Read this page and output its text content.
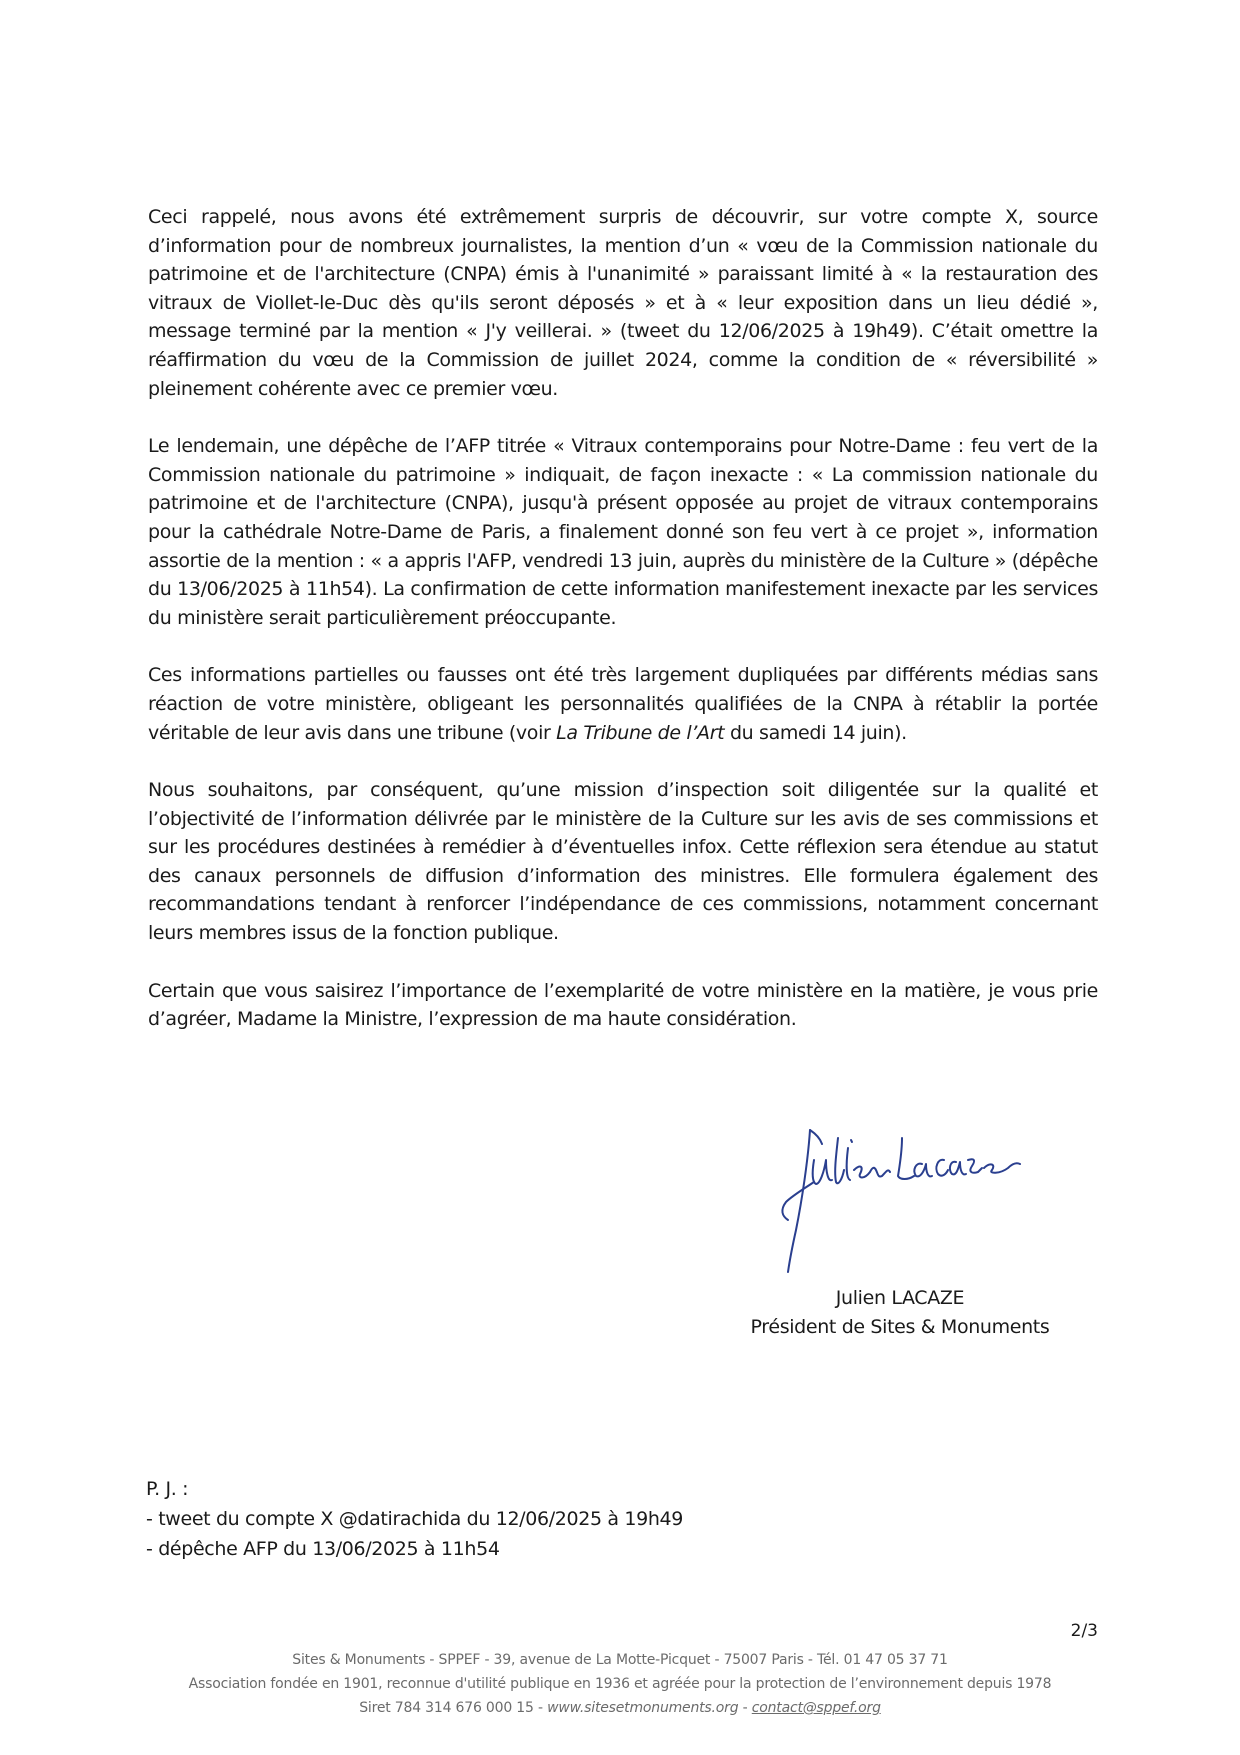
Ceci rappelé, nous avons été extrêmement surpris de découvrir, sur votre compte X, source d’information pour de nombreux journalistes, la mention d’un « vœu de la Commission nationale du patrimoine et de l'architecture (CNPA) émis à l'unanimité » paraissant limité à « la restauration des vitraux de Viollet-le-Duc dès qu'ils seront déposés » et à « leur exposition dans un lieu dédié », message terminé par la mention « J'y veillerai. » (tweet du 12/06/2025 à 19h49). C’était omettre la réaffirmation du vœu de la Commission de juillet 2024, comme la condition de « réversibilité » pleinement cohérente avec ce premier vœu.

Le lendemain, une dépêche de l’AFP titrée « Vitraux contemporains pour Notre-Dame : feu vert de la Commission nationale du patrimoine » indiquait, de façon inexacte : « La commission nationale du patrimoine et de l'architecture (CNPA), jusqu'à présent opposée au projet de vitraux contemporains pour la cathédrale Notre-Dame de Paris, a finalement donné son feu vert à ce projet », information assortie de la mention : « a appris l'AFP, vendredi 13 juin, auprès du ministère de la Culture » (dépêche du 13/06/2025 à 11h54). La confirmation de cette information manifestement inexacte par les services du ministère serait particulièrement préoccupante.

Ces informations partielles ou fausses ont été très largement dupliquées par différents médias sans réaction de votre ministère, obligeant les personnalités qualifiées de la CNPA à rétablir la portée véritable de leur avis dans une tribune (voir La Tribune de l’Art du samedi 14 juin).

Nous souhaitons, par conséquent, qu’une mission d’inspection soit diligentée sur la qualité et l’objectivité de l’information délivrée par le ministère de la Culture sur les avis de ses commissions et sur les procédures destinées à remédier à d’éventuelles infox. Cette réflexion sera étendue au statut des canaux personnels de diffusion d’information des ministres. Elle formulera également des recommandations tendant à renforcer l’indépendance de ces commissions, notamment concernant leurs membres issus de la fonction publique.

Certain que vous saisirez l’importance de l’exemplarité de votre ministère en la matière, je vous prie d’agréer, Madame la Ministre, l’expression de ma haute considération.

Julien LACAZE
Président de Sites & Monuments
P. J. :
- tweet du compte X @datirachida du 12/06/2025 à 19h49
- dépêche AFP du 13/06/2025 à 11h54
2/3
Sites & Monuments - SPPEF - 39, avenue de La Motte-Picquet - 75007 Paris - Tél. 01 47 05 37 71
Association fondée en 1901, reconnue d'utilité publique en 1936 et agréée pour la protection de l’environnement depuis 1978
Siret 784 314 676 000 15 - www.sitesetmonuments.org - contact@sppef.org
